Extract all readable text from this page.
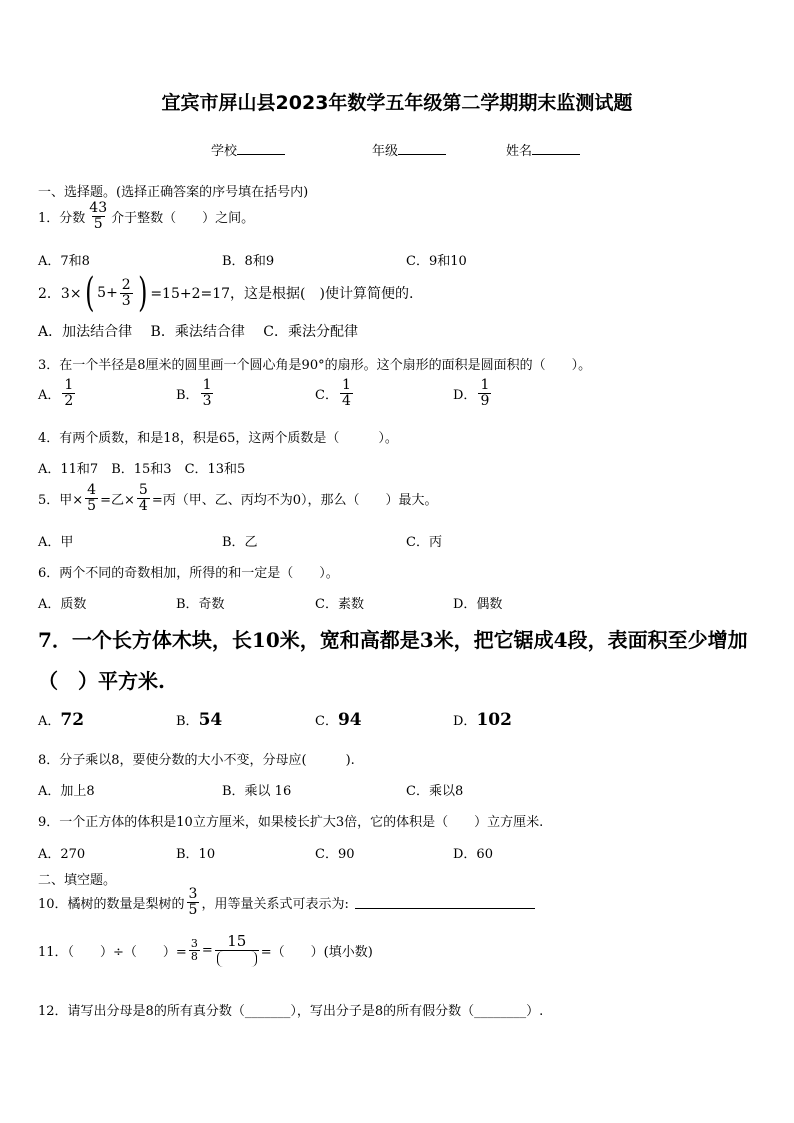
宜宾市屏山县2023年数学五年级第二学期期末监测试题
学校	年级	姓名
一、选择题。(选择正确答案的序号填在括号内)
1．分数 $\frac{43}{5}$ 介于整数（　　）之间。
A．7和8	B．8和9	C．9和10
2．3× ( $5+ \frac{2}{3}$ ) =15+2=17，这是根据(　)使计算简便的.
A．加法结合律　 B．乘法结合律　 C．乘法分配律
3．在一个半径是8厘米的圆里画一个圆心角是90°的扇形。这个扇形的面积是圆面积的（　　）。
A． $\frac{1}{2}$	B． $\frac{1}{3}$	C． $\frac{1}{4}$	D． $\frac{1}{9}$
4．有两个质数，和是18，积是65，这两个质数是（　　　）。
A．11和7　B．15和3　C．13和5
5．甲× $\frac{4}{5}$ =乙× $\frac{5}{4}$ =丙（甲、乙、丙均不为0），那么（　　）最大。
A．甲	B．乙	C．丙
6．两个不同的奇数相加，所得的和一定是（　　）。
A．质数	B．奇数	C．素数	D．偶数
7．一个长方体木块，长10米，宽和高都是3米，把它锯成4段，表面积至少增加
（　）平方米.
A．72	B．54	C．94	D．102
8．分子乘以8，要使分数的大小不变，分母应(　　　).
A．加上8	B．乘以 16	C．乘以8
9．一个正方体的体积是10立方厘米，如果棱长扩大3倍，它的体积是（　　）立方厘米.
A．270	B．10	C．90	D．60
二、填空题。
10．橘树的数量是梨树的 $\frac{3}{5}$ ，用等量关系式可表示为:
11．（　　）÷（　　）= $\frac{3}{8}$ =
15
=（　　）(填小数)
12．请写出分母是8的所有真分数（_______），写出分子是8的所有假分数（________）.
